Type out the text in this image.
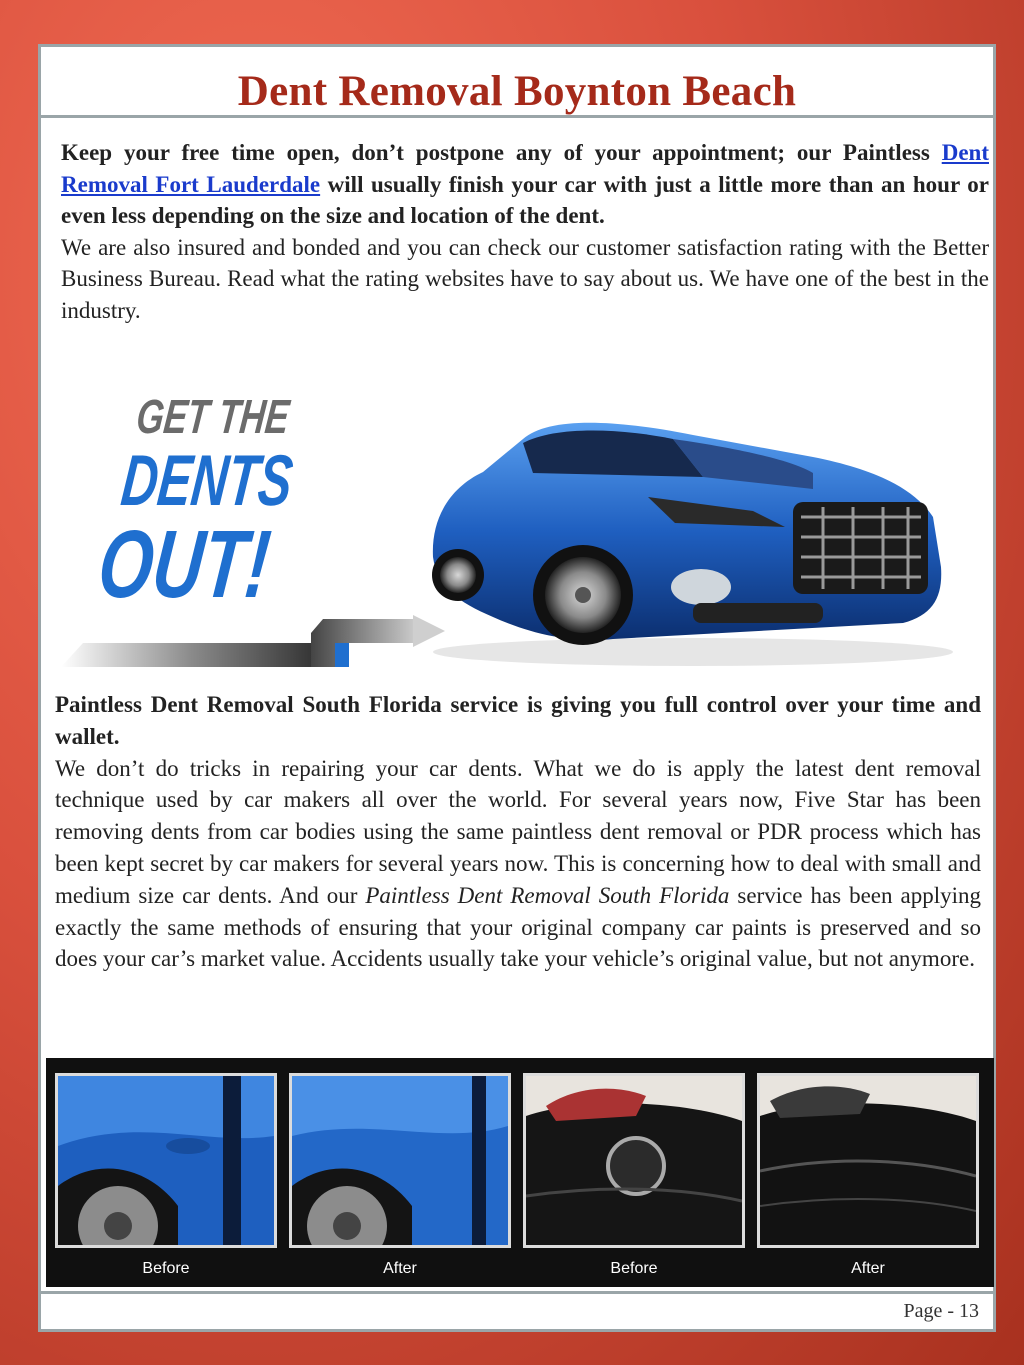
Dent Removal Boynton Beach

Keep your free time open, don’t postpone any of your appointment; our Paintless Dent Removal Fort Lauderdale will usually finish your car with just a little more than an hour or even less depending on the size and location of the dent.

We are also insured and bonded and you can check our customer satisfaction rating with the Better Business Bureau. Read what the rating websites have to say about us. We have one of the best in the industry.

GET THE
DENTS
OUT!

Paintless Dent Removal South Florida service is giving you full control over your time and wallet.

We don’t do tricks in repairing your car dents. What we do is apply the latest dent removal technique used by car makers all over the world. For several years now, Five Star has been removing dents from car bodies using the same paintless dent removal or PDR process which has been kept secret by car makers for several years now. This is concerning how to deal with small and medium size car dents. And our Paintless Dent Removal South Florida service has been applying exactly the same methods of ensuring that your original company car paints is preserved and so does your car’s market value. Accidents usually take your vehicle’s original value, but not anymore.

Before	After	Before	After
Page - 13
